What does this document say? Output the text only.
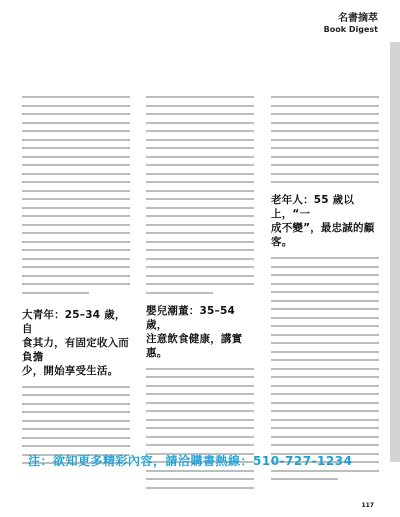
名書摘萃
Book Digest
大青年：25–34 歲，自
食其力，有固定收入而負擔
少，開始享受生活。
嬰兒潮董：35–54 歲，
注意飲食健康，講實惠。
老年人：55 歲以上，“一
成不變”，最忠誠的顧客。
注：欲知更多精彩內容，請洽購書熱線：510-727-1234
117
